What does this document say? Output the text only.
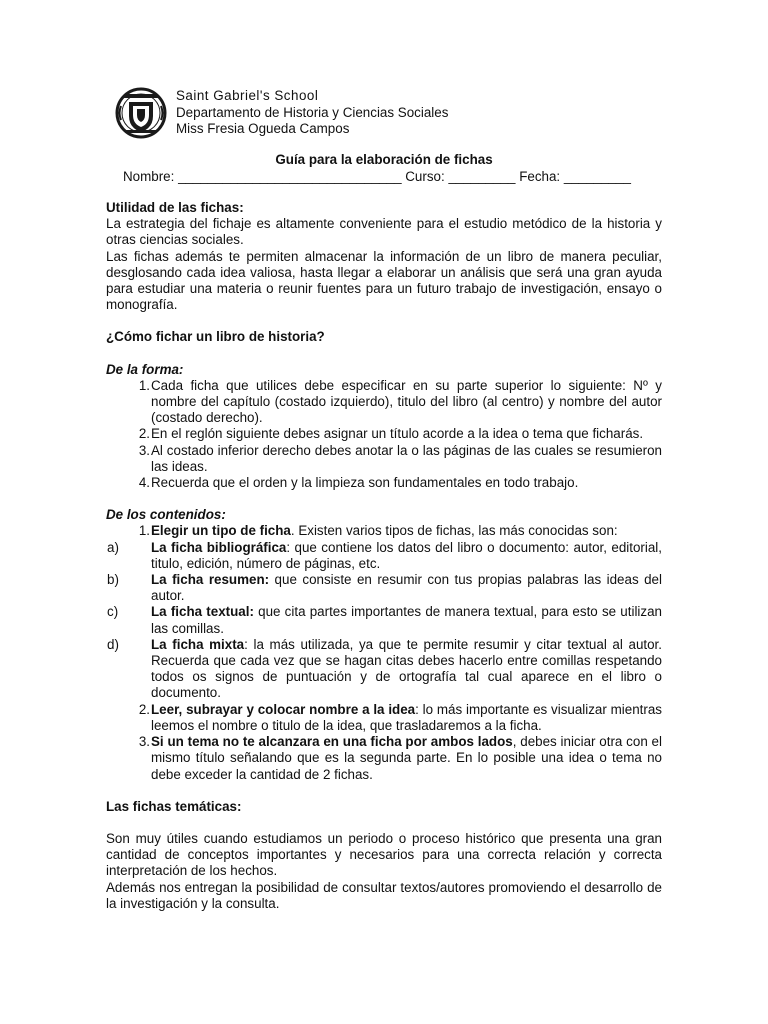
Saint Gabriel's School
Departamento de Historia y Ciencias Sociales
Miss Fresia Ogueda Campos
Guía para la elaboración de fichas
Nombre: ______________________________ Curso: _________ Fecha: _________

Utilidad de las fichas:

La estrategia del fichaje es altamente conveniente para el estudio metódico de la historia y otras ciencias sociales.

Las fichas además te permiten almacenar la información de un libro de manera peculiar, desglosando cada idea valiosa, hasta llegar a elaborar un análisis que será una gran ayuda para estudiar una materia o reunir fuentes para un futuro trabajo de investigación, ensayo o monografía.

¿Cómo fichar un libro de historia?

De la forma:

1. Cada ficha que utilices debe especificar en su parte superior lo siguiente: Nº y nombre del capítulo (costado izquierdo), titulo del libro (al centro) y nombre del autor (costado derecho).
2. En el reglón siguiente debes asignar un título acorde a la idea o tema que ficharás.
3. Al costado inferior derecho debes anotar la o las páginas de las cuales se resumieron las ideas.
4. Recuerda que el orden y la limpieza son fundamentales en todo trabajo.

De los contenidos:

1. Elegir un tipo de ficha. Existen varios tipos de fichas, las más conocidas son:
a)	La ficha bibliográfica: que contiene los datos del libro o documento: autor, editorial, titulo, edición, número de páginas, etc.
b)	La ficha resumen: que consiste en resumir con tus propias palabras las ideas del autor.
c)	La ficha textual: que cita partes importantes de manera textual, para esto se utilizan las comillas.
d)	La ficha mixta: la más utilizada, ya que te permite resumir y citar textual al autor. Recuerda que cada vez que se hagan citas debes hacerlo entre comillas respetando todos os signos de puntuación y de ortografía tal cual aparece en el libro o documento.
2. Leer, subrayar y colocar nombre a la idea: lo más importante es visualizar mientras leemos el nombre o titulo de la idea, que trasladaremos a la ficha.
3. Si un tema no te alcanzara en una ficha por ambos lados, debes iniciar otra con el mismo título señalando que es la segunda parte. En lo posible una idea o tema no debe exceder la cantidad de 2 fichas.

Las fichas temáticas:

Son muy útiles cuando estudiamos un periodo o proceso histórico que presenta una gran cantidad de conceptos importantes y necesarios para una correcta relación y correcta interpretación de los hechos.

Además nos entregan la posibilidad de consultar textos/autores promoviendo el desarrollo de la investigación y la consulta.
